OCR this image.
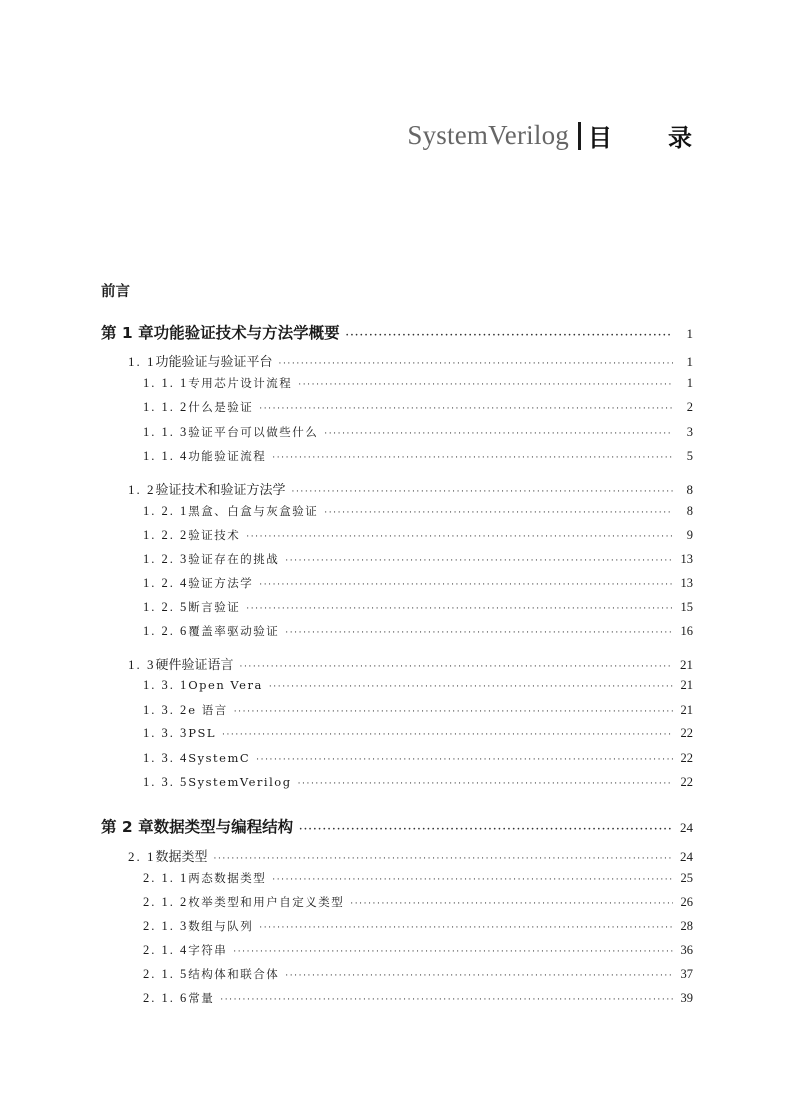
SystemVerilog 目录
前言
第 1 章 功能验证技术与方法学概要 ·····	1
1. 1 功能验证与验证平台 ·····	1
1. 1. 1 专用芯片设计流程 ·····	1
1. 1. 2 什么是验证 ·····	2
1. 1. 3 验证平台可以做些什么 ·····	3
1. 1. 4 功能验证流程 ·····	5
1. 2 验证技术和验证方法学 ·····	8
1. 2. 1 黑盒、白盒与灰盒验证 ·····	8
1. 2. 2 验证技术 ·····	9
1. 2. 3 验证存在的挑战 ·····	13
1. 2. 4 验证方法学 ·····	13
1. 2. 5 断言验证 ·····	15
1. 2. 6 覆盖率驱动验证 ·····	16
1. 3 硬件验证语言 ·····	21
1. 3. 1 Open Vera ·····	21
1. 3. 2 e 语言 ·····	21
1. 3. 3 PSL ·····	22
1. 3. 4 SystemC ·····	22
1. 3. 5 SystemVerilog ·····	22
第 2 章 数据类型与编程结构 ·····	24
2. 1 数据类型 ·····	24
2. 1. 1 两态数据类型 ·····	25
2. 1. 2 枚举类型和用户自定义类型 ·····	26
2. 1. 3 数组与队列 ·····	28
2. 1. 4 字符串 ·····	36
2. 1. 5 结构体和联合体 ·····	37
2. 1. 6 常量 ·····	39
